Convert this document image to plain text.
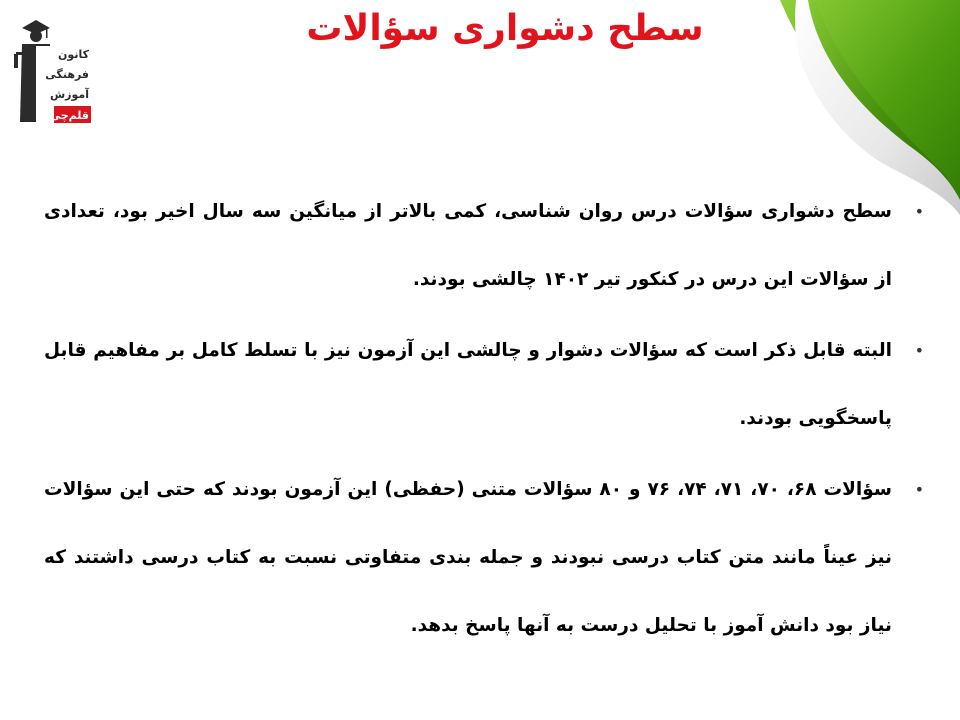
کانون
فرهنگی
آموزش
قلم‌چی
سطح دشواری سؤالات
•
سطح دشواری سؤالات درس روان شناسی، کمی بالاتر از میانگین سه سال اخیر بود، تعدادی از سؤالات این درس در کنکور تیر ۱۴۰۲ چالشی بودند.
•
البته قابل ذکر است که سؤالات دشوار و چالشی این آزمون نیز با تسلط کامل بر مفاهیم قابل پاسخگویی بودند.
•
سؤالات ۶۸، ۷۰، ۷۱، ۷۴، ۷۶ و ۸۰ سؤالات متنی (حفظی) این آزمون بودند که حتی این سؤالات نیز عیناً مانند متن کتاب درسی نبودند و جمله بندی متفاوتی نسبت به کتاب درسی داشتند که نیاز بود دانش آموز با تحلیل درست به آنها پاسخ بدهد.
